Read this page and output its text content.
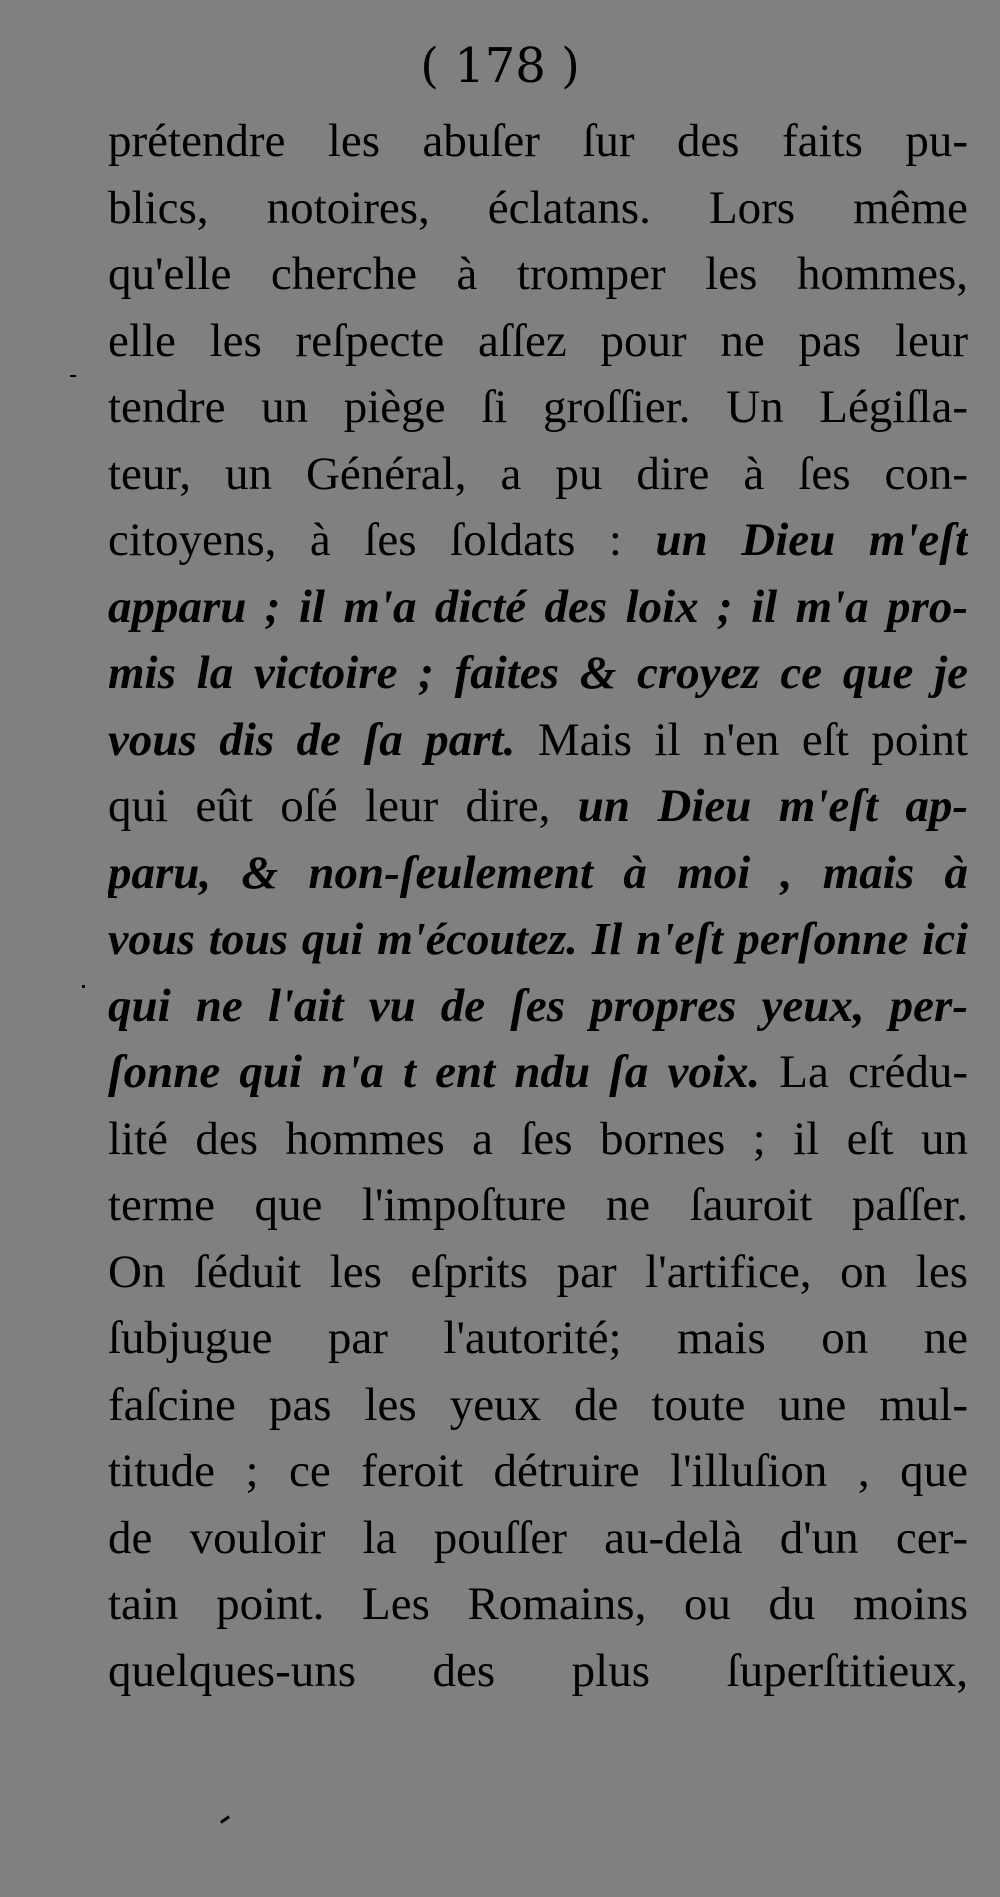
( 178 )
prétendre les abuſer ſur des faits pu-
blics, notoires, éclatans. Lors même
qu'elle cherche à tromper les hommes,
elle les reſpecte aſſez pour ne pas leur
tendre un piège ſi groſſier. Un Légiſla-
teur, un Général, a pu dire à ſes con-
citoyens, à ſes ſoldats : un Dieu m'eſt
apparu ; il m'a dicté des loix ; il m'a pro-
mis la victoire ; faites & croyez ce que je
vous dis de ſa part. Mais il n'en eſt point
qui eût oſé leur dire, un Dieu m'eſt ap-
paru, & non-ſeulement à moi , mais à
vous tous qui m'écoutez. Il n'eſt perſonne ici
qui ne l'ait vu de ſes propres yeux, per-
ſonne qui n'a t ent ndu ſa voix. La crédu-
lité des hommes a ſes bornes ; il eſt un
terme que l'impoſture ne ſauroit paſſer.
On ſéduit les eſprits par l'artifice, on les
ſubjugue par l'autorité; mais on ne
faſcine pas les yeux de toute une mul-
titude ; ce feroit détruire l'illuſion , que
de vouloir la pouſſer au-delà d'un cer-
tain point. Les Romains, ou du moins
quelques-uns des plus ſuperſtitieux,
